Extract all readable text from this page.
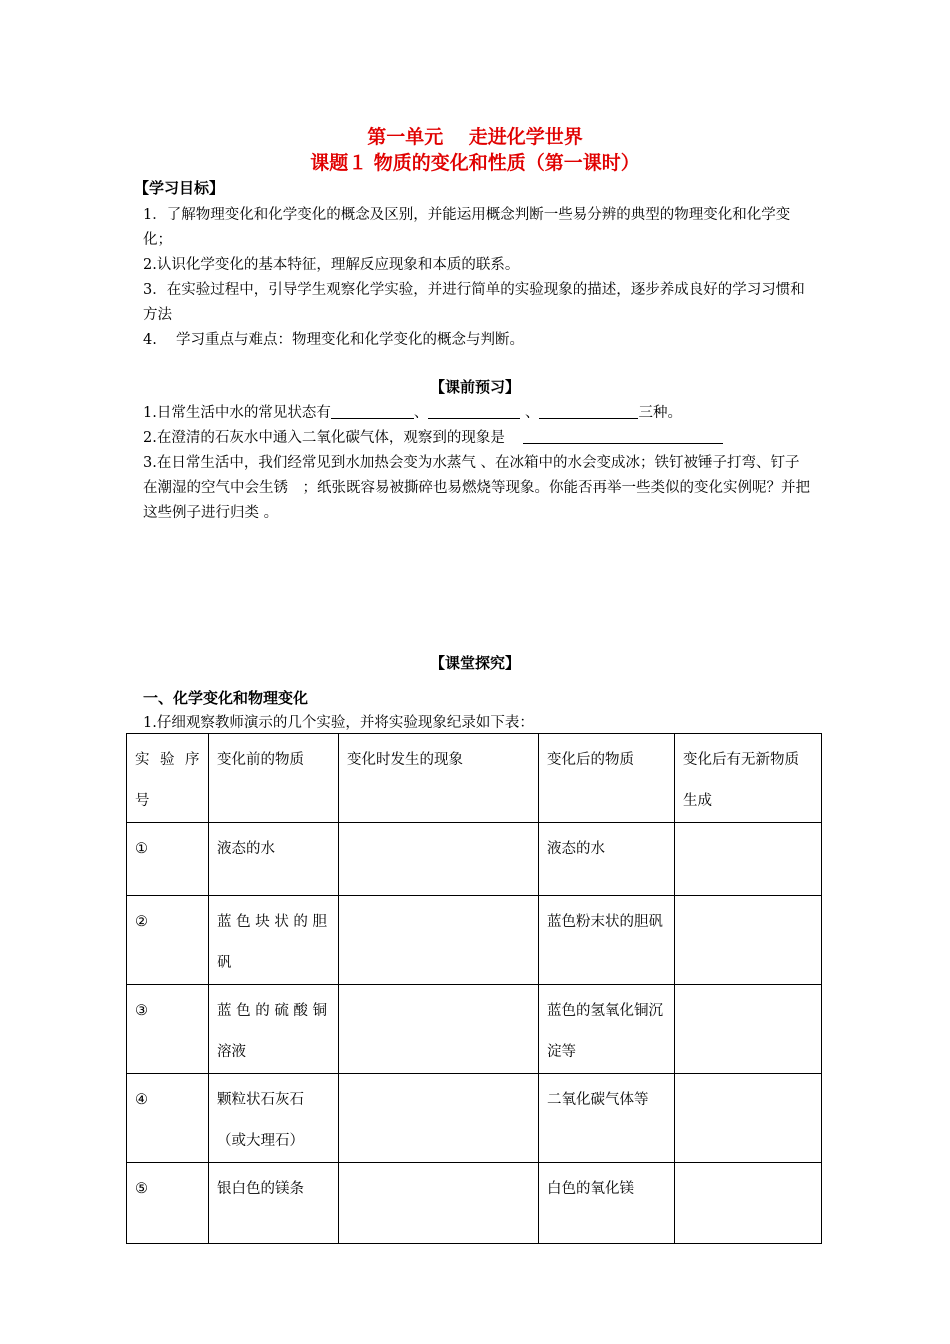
第一单元　 走进化学世界
课题１ 物质的变化和性质（第一课时）
【学习目标】
1．了解物理变化和化学变化的概念及区别，并能运用概念判断一些易分辨的典型的物理变化和化学变化；
2.认识化学变化的基本特征，理解反应现象和本质的联系。
3．在实验过程中，引导学生观察化学实验，并进行简单的实验现象的描述，逐步养成良好的学习习惯和方法
4.　 学习重点与难点：物理变化和化学变化的概念与判断。
【课前预习】
1.日常生活中水的常见状态有	、	、	三种。
2.在澄清的石灰水中通入二氧化碳气体，观察到的现象是
3.在日常生活中，我们经常见到水加热会变为水蒸气 、在冰箱中的水会变成冰；铁钉被锤子打弯、钉子在潮湿的空气中会生锈　；纸张既容易被撕碎也易燃烧等现象。你能否再举一些类似的变化实例呢？并把这些例子进行归类 。
【课堂探究】
一、化学变化和物理变化
1.仔细观察教师演示的几个实验，并将实验现象纪录如下表：
实 验 序 号	变化前的物质	变化时发生的现象	变化后的物质	变化后有无新物质生成
①	液态的水		液态的水	
②	蓝 色 块 状 的 胆 矾		蓝色粉末状的胆矾	
③	蓝 色 的 硫 酸 铜 溶液		蓝色的氢氧化铜沉淀等	
④	颗粒状石灰石（或大理石）		二氧化碳气体等	
⑤	银白色的镁条		白色的氧化镁	
